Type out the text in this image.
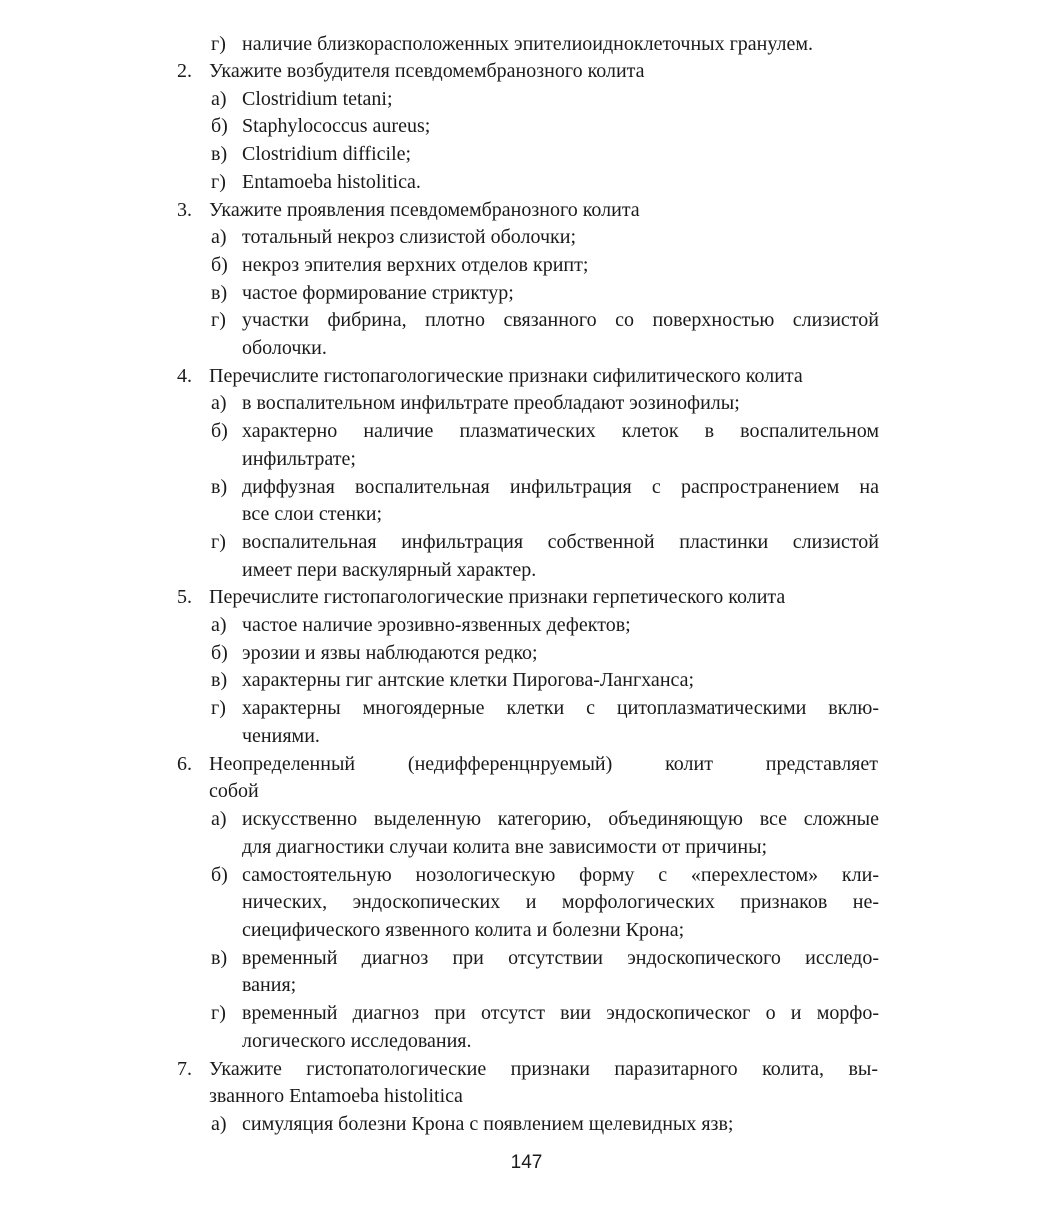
г) наличие близкорасположенных эпителиоидноклеточных гранулем.
2. Укажите возбудителя псевдомембранозного колита
а) Clostridium tetani;
б) Staphylococcus aureus;
в) Clostridium difficile;
г) Entamoeba histolitica.
3. Укажите проявления псевдомембранозного колита
а) тотальный некроз слизистой оболочки;
б) некроз эпителия верхних отделов крипт;
в) частое формирование стриктур;
г) участки фибрина, плотно связанного со поверхностью слизистой
оболочки.
4. Перечислите гистопагологические признаки сифилитического колита
а) в воспалительном инфильтрате преобладают эозинофилы;
б) характерно наличие плазматических клеток в воспалительном
инфильтрате;
в) диффузная воспалительная инфильтрация с распространением на
все слои стенки;
г) воспалительная инфильтрация собственной пластинки слизистой
имеет пери васкулярный характер.
5. Перечислите гистопагологические признаки герпетического колита
а) частое наличие эрозивно-язвенных дефектов;
б) эрозии и язвы наблюдаются редко;
в) характерны гиг антские клетки Пирогова-Лангханса;
г) характерны многоядерные клетки с цитоплазматическими вклю-
чениями.
6. Неопределенный (недифференцнруемый) колит представляет
собой
а) искусственно выделенную категорию, объединяющую все сложные
для диагностики случаи колита вне зависимости от причины;
б) самостоятельную нозологическую форму с «перехлестом» кли-
нических, эндоскопических и морфологических признаков не-
сиецифического язвенного колита и болезни Крона;
в) временный диагноз при отсутствии эндоскопического исследо-
вания;
г) временный диагноз при отсутст вии эндоскопическог о и морфо-
логического исследования.
7. Укажите гистопатологические признаки паразитарного колита, вы-
званного Entamoeba histolitica
а) симуляция болезни Крона с появлением щелевидных язв;
147
